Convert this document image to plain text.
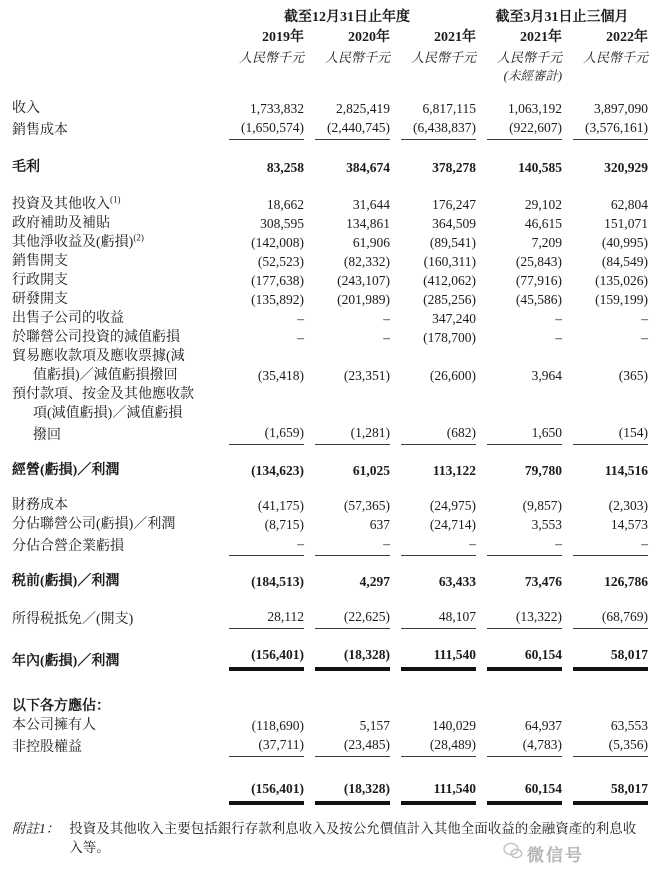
	截至12月31日止年度			截至3月31日止三個月	
	2019年	2020年	2021年	2021年	2022年
	人民幣千元	人民幣千元	人民幣千元	人民幣千元	人民幣千元
				(未經審計)	

收入	1,733,832	2,825,419	6,817,115	1,063,192	3,897,090

銷售成本	(1,650,574)	(2,440,745)	(6,438,837)	(922,607)	(3,576,161)

毛利	83,258	384,674	378,278	140,585	320,929

投資及其他收入$^{(1)}$	18,662	31,644	176,247	29,102	62,804

政府補助及補貼	308,595	134,861	364,509	46,615	151,071

其他淨收益及(虧損)$^{(2)}$	(142,008)	61,906	(89,541)	7,209	(40,995)

銷售開支	(52,523)	(82,332)	(160,311)	(25,843)	(84,549)

行政開支	(177,638)	(243,107)	(412,062)	(77,916)	(135,026)

研發開支	(135,892)	(201,989)	(285,256)	(45,586)	(159,199)

出售子公司的收益	–	–	347,240	–	–

於聯營公司投資的減值虧損	–	–	(178,700)	–	–

貿易應收款項及應收票據(減					
值虧損)／減值虧損撥回	(35,418)	(23,351)	(26,600)	3,964	(365)

預付款項、按金及其他應收款					
項(減值虧損)／減值虧損					
撥回	(1,659)	(1,281)	(682)	1,650	(154)

經營(虧損)／利潤	(134,623)	61,025	113,122	79,780	114,516

財務成本	(41,175)	(57,365)	(24,975)	(9,857)	(2,303)

分佔聯營公司(虧損)／利潤	(8,715)	637	(24,714)	3,553	14,573

分佔合營企業虧損	–	–	–	–	–

税前(虧損)／利潤	(184,513)	4,297	63,433	73,476	126,786

所得税抵免／(開支)	28,112	(22,625)	48,107	(13,322)	(68,769)

年內(虧損)／利潤	(156,401)	(18,328)	111,540	60,154	58,017

以下各方應佔：					
本公司擁有人	(118,690)	5,157	140,029	64,937	63,553

非控股權益	(37,711)	(23,485)	(28,489)	(4,783)	(5,356)

	(156,401)	(18,328)	111,540	60,154	58,017
附註1： 投資及其他收入主要包括銀行存款利息收入及按公允價值計入其他全面收益的金融資產的利息收入等。	微信号
